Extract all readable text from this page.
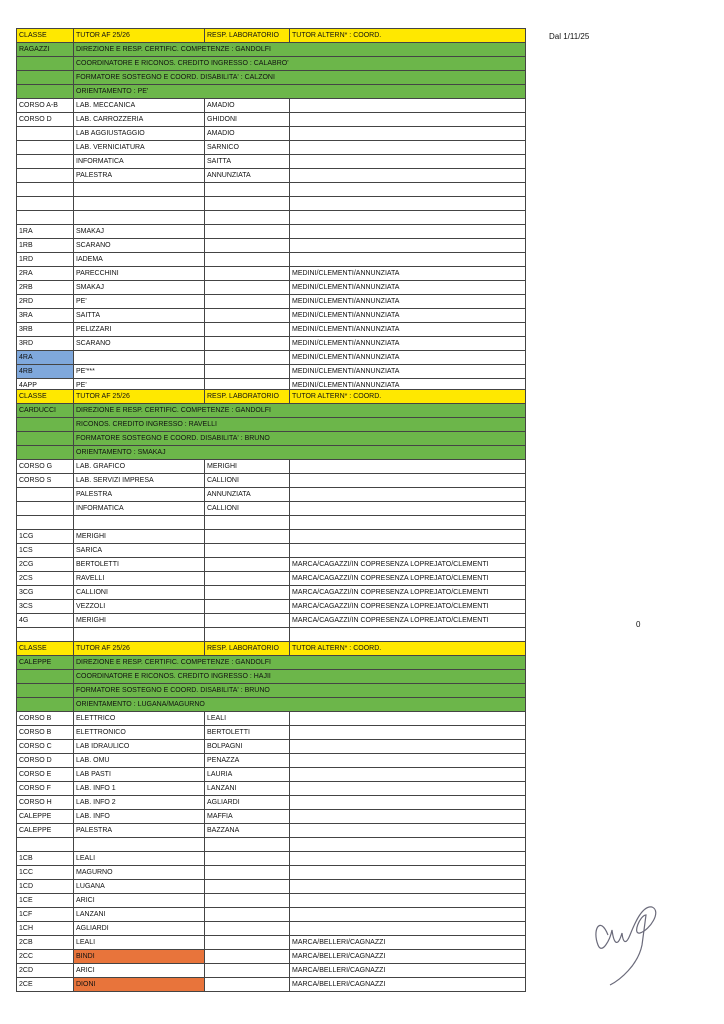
Dal 1/11/25
0
CLASSE	TUTOR AF 25/26	RESP. LABORATORIO	TUTOR ALTERN* : COORD.
RAGAZZI	DIREZIONE E RESP. CERTIFIC. COMPETENZE : GANDOLFI		
	COORDINATORE E RICONOS. CREDITO INGRESSO : CALABRO'		
	FORMATORE SOSTEGNO E COORD. DISABILITA' : CALZONI		
	ORIENTAMENTO : PE'		
CORSO A-B	LAB. MECCANICA	AMADIO	
CORSO D	LAB. CARROZZERIA	GHIDONI	
	LAB AGGIUSTAGGIO	AMADIO	
	LAB. VERNICIATURA	SARNICO	
	INFORMATICA	SAITTA	
	PALESTRA	ANNUNZIATA	

1RA	SMAKAJ		
1RB	SCARANO		
1RD	IADEMA		
2RA	PARECCHINI		MEDINI/CLEMENTI/ANNUNZIATA
2RB	SMAKAJ		MEDINI/CLEMENTI/ANNUNZIATA
2RD	PE'		MEDINI/CLEMENTI/ANNUNZIATA
3RA	SAITTA		MEDINI/CLEMENTI/ANNUNZIATA
3RB	PELIZZARI		MEDINI/CLEMENTI/ANNUNZIATA
3RD	SCARANO		MEDINI/CLEMENTI/ANNUNZIATA
4RA			MEDINI/CLEMENTI/ANNUNZIATA
4RB	PE'***		MEDINI/CLEMENTI/ANNUNZIATA
4APP	PE'		MEDINI/CLEMENTI/ANNUNZIATA
CLASSE	TUTOR AF 25/26	RESP. LABORATORIO	TUTOR ALTERN* : COORD.
CARDUCCI	DIREZIONE E RESP. CERTIFIC. COMPETENZE : GANDOLFI		
	RICONOS. CREDITO INGRESSO : RAVELLI		
	FORMATORE SOSTEGNO E COORD. DISABILITA' : BRUNO		
	ORIENTAMENTO : SMAKAJ		
CORSO G	LAB. GRAFICO	MERIGHI	
CORSO S	LAB. SERVIZI IMPRESA	CALLIONI	
	PALESTRA	ANNUNZIATA	
	INFORMATICA	CALLIONI	

1CG	MERIGHI		
1CS	SARICA		
2CG	BERTOLETTI		MARCA/CAGAZZI/IN COPRESENZA LOPREJATO/CLEMENTI
2CS	RAVELLI		MARCA/CAGAZZI/IN COPRESENZA LOPREJATO/CLEMENTI
3CG	CALLIONI		MARCA/CAGAZZI/IN COPRESENZA LOPREJATO/CLEMENTI
3CS	VEZZOLI		MARCA/CAGAZZI/IN COPRESENZA LOPREJATO/CLEMENTI
4G	MERIGHI		MARCA/CAGAZZI/IN COPRESENZA LOPREJATO/CLEMENTI

CLASSE	TUTOR AF 25/26	RESP. LABORATORIO	TUTOR ALTERN* : COORD.
CALEPPE	DIREZIONE E RESP. CERTIFIC. COMPETENZE : GANDOLFI		
	COORDINATORE E RICONOS. CREDITO INGRESSO : HAJII		
	FORMATORE SOSTEGNO E COORD. DISABILITA' : BRUNO		
	ORIENTAMENTO : LUGANA/MAGURNO		
CORSO B	ELETTRICO	LEALI	
CORSO B	ELETTRONICO	BERTOLETTI	
CORSO C	LAB IDRAULICO	BOLPAGNI	
CORSO D	LAB. OMU	PENAZZA	
CORSO E	LAB PASTI	LAURIA	
CORSO F	LAB. INFO 1	LANZANI	
CORSO H	LAB. INFO 2	AGLIARDI	
CALEPPE	LAB. INFO	MAFFIA	
CALEPPE	PALESTRA	BAZZANA	

1CB	LEALI		
1CC	MAGURNO		
1CD	LUGANA		
1CE	ARICI		
1CF	LANZANI		
1CH	AGLIARDI		
2CB	LEALI		MARCA/BELLERI/CAGNAZZI
2CC	BINDI		MARCA/BELLERI/CAGNAZZI
2CD	ARICI		MARCA/BELLERI/CAGNAZZI
2CE	DIONI		MARCA/BELLERI/CAGNAZZI
